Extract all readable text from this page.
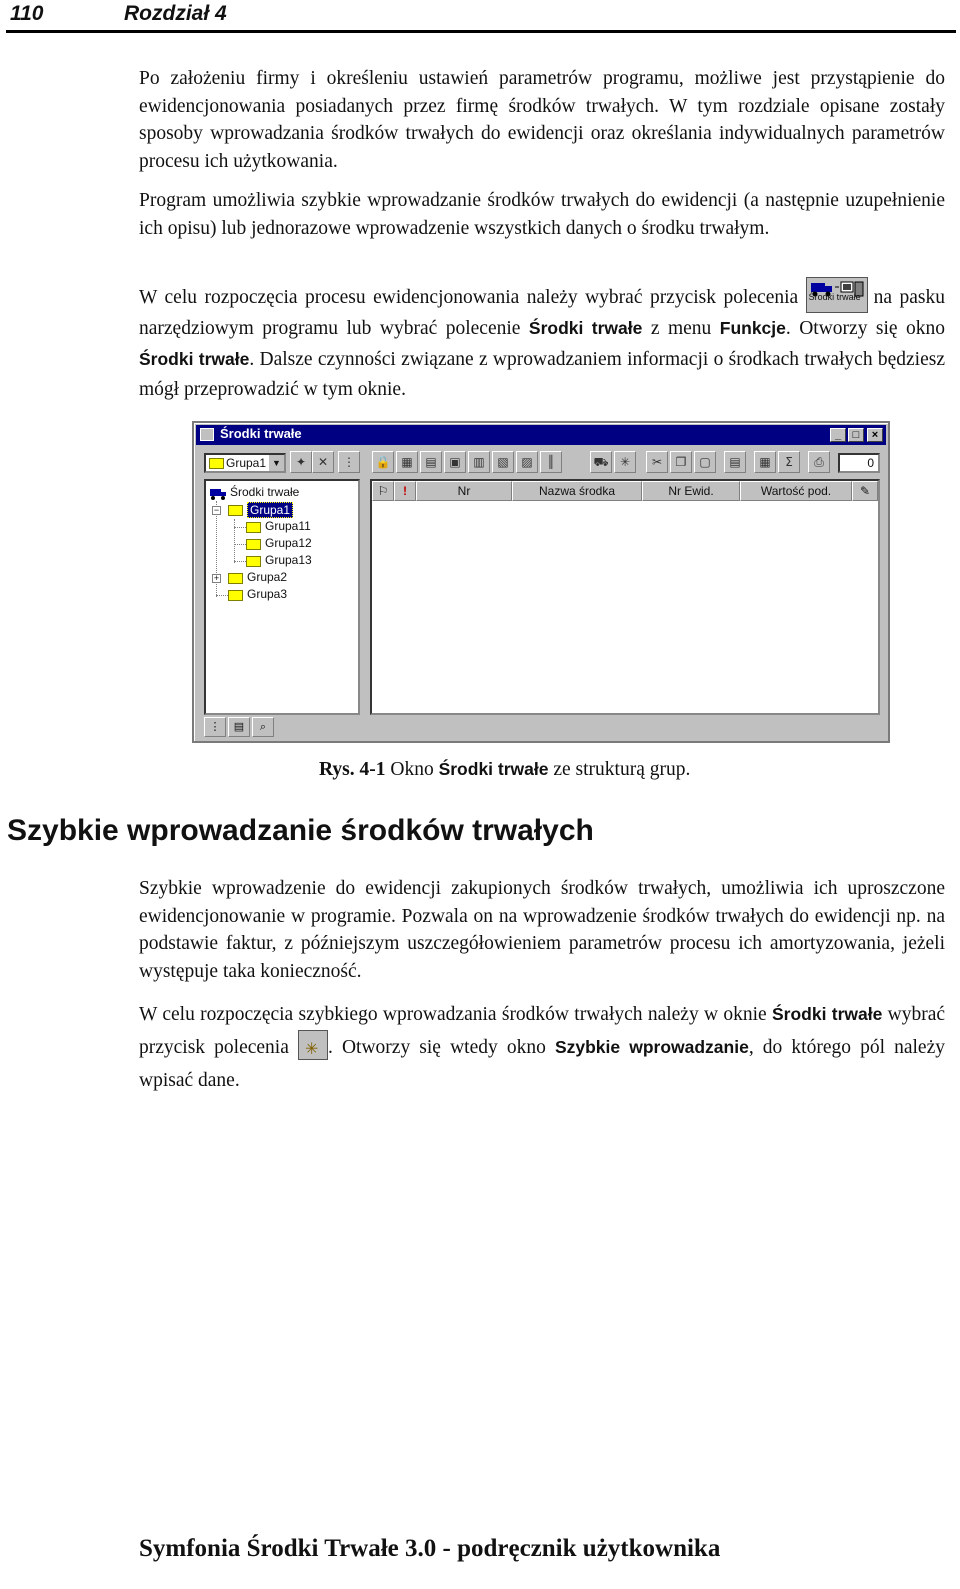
110	Rozdział 4

Po założeniu firmy i określeniu ustawień parametrów programu, możliwe jest przystąpienie do ewidencjonowania posiadanych przez firmę środków trwałych. W tym rozdziale opisane zostały sposoby wprowadzania środków trwałych do ewidencji oraz określania indywidualnych parametrów procesu ich użytkowania.

Program umożliwia szybkie wprowadzanie środków trwałych do ewidencji (a następnie uzupełnienie ich opisu) lub jednorazowe wprowadzenie wszystkich danych o środku trwałym.

W celu rozpoczęcia procesu ewidencjonowania należy wybrać przycisk polecenia Środki trwałe na pasku narzędziowym programu lub wybrać polecenie Środki trwałe z menu Funkcje. Otworzy się okno Środki trwałe. Dalsze czynności związane z wprowadzaniem informacji o środkach trwałych będziesz mógł przeprowadzić w tym oknie.

Środki trwałe	_	□	×
Grupa1 ▼	✦ ✕	⋮	🔒 ▦	▤	▣	▥	▧	▨	║	⛟ ✳	✂	❐	▢	▤	▦	Σ	⎙	0
Środki trwałe
−	Grupa1
Grupa11
Grupa12
Grupa13
+ Grupa2
Grupa3
⚐	!	Nr	Nazwa środka	Nr Ewid.	Wartość pod.	✎
⋮	▤	⌕

Rys. 4-1 Okno Środki trwałe ze strukturą grup.

Szybkie wprowadzanie środków trwałych

Szybkie wprowadzenie do ewidencji zakupionych środków trwałych, umożliwia ich uproszczone ewidencjonowanie w programie. Pozwala on na wprowadzenie środków trwałych do ewidencji np. na podstawie faktur, z późniejszym uszczegółowieniem parametrów procesu ich amortyzowania, jeżeli występuje taka konieczność.

W celu rozpoczęcia szybkiego wprowadzania środków trwałych należy w oknie Środki trwałe wybrać przycisk polecenia ✳ . Otworzy się wtedy okno Szybkie wprowadzanie, do którego pól należy wpisać dane.

Symfonia Środki Trwałe 3.0 - podręcznik użytkownika
